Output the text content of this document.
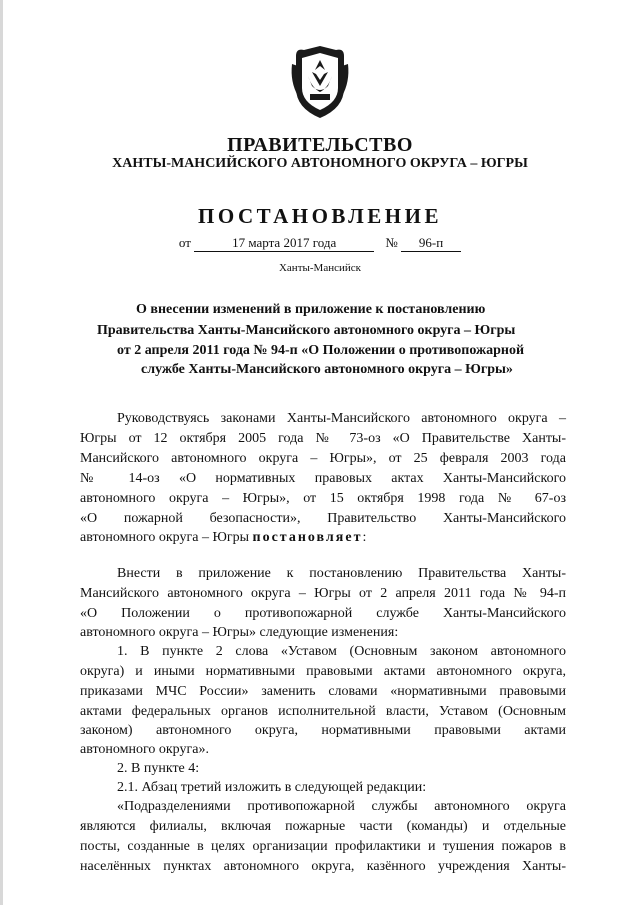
ПРАВИТЕЛЬСТВО
ХАНТЫ-МАНСИЙСКОГО АВТОНОМНОГО ОКРУГА – ЮГРЫ
ПОСТАНОВЛЕНИЕ
от	17 марта 2017 года	№ 96-п
Ханты-Мансийск
О внесении изменений в приложение к постановлению
Правительства Ханты-Мансийского автономного округа – Югры
от 2 апреля 2011 года № 94-п «О Положении о противопожарной
службе Ханты-Мансийского автономного округа – Югры»
Руководствуясь законами Ханты-Мансийского автономного округа –
Югры от 12 октября 2005 года № 73-оз «О Правительстве Ханты-
Мансийского автономного округа – Югры», от 25 февраля 2003 года
№ 14-оз «О нормативных правовых актах Ханты-Мансийского
автономного округа – Югры», от 15 октября 1998 года № 67-оз
«О пожарной безопасности», Правительство Ханты-Мансийского
автономного округа – Югры постановляет:
Внести в приложение к постановлению Правительства Ханты-
Мансийского автономного округа – Югры от 2 апреля 2011 года № 94-п
«О Положении о противопожарной службе Ханты-Мансийского
автономного округа – Югры» следующие изменения:
1. В пункте 2 слова «Уставом (Основным законом автономного
округа) и иными нормативными правовыми актами автономного округа,
приказами МЧС России» заменить словами «нормативными правовыми
актами федеральных органов исполнительной власти, Уставом (Основным
законом) автономного округа, нормативными правовыми актами
автономного округа».
2. В пункте 4:
2.1. Абзац третий изложить в следующей редакции:
«Подразделениями противопожарной службы автономного округа
являются филиалы, включая пожарные части (команды) и отдельные
посты, созданные в целях организации профилактики и тушения пожаров в
населённых пунктах автономного округа, казённого учреждения Ханты-
